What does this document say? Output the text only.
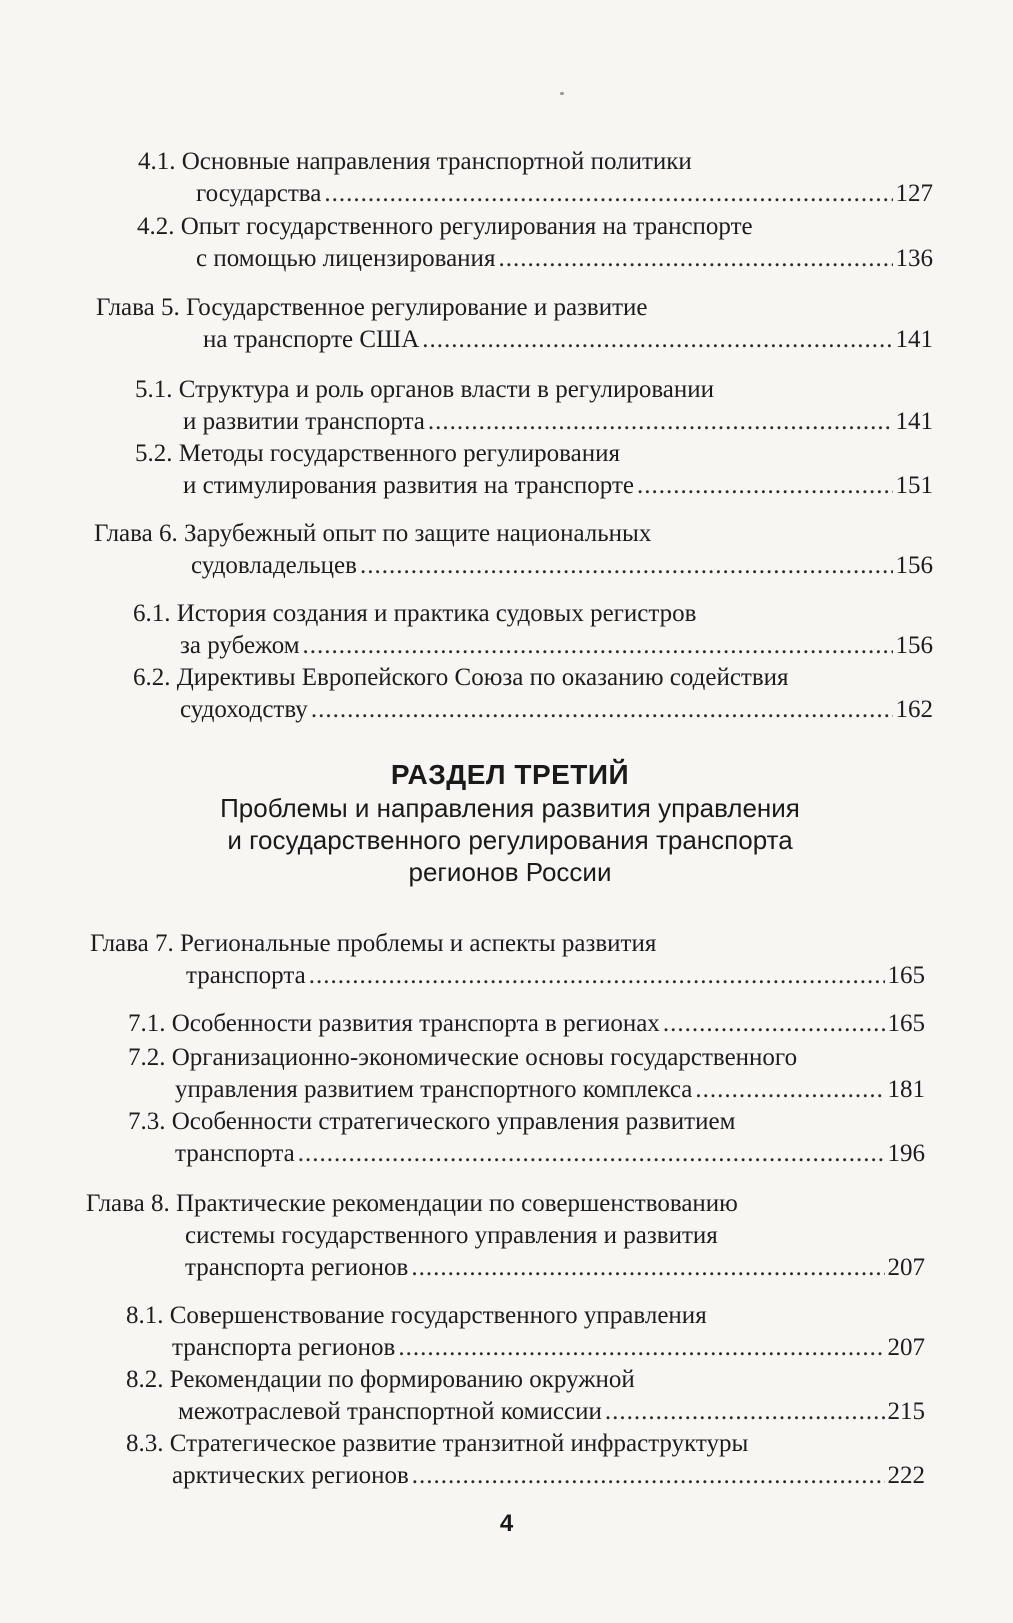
4.1. Основные направления транспортной политики
государства .....	127
4.2. Опыт государственного регулирования на транспорте
с помощью лицензирования .....	136
Глава 5. Государственное регулирование и развитие
на транспорте США .....	141
5.1. Структура и роль органов власти в регулировании
и развитии транспорта .....	141
5.2. Методы государственного регулирования
и стимулирования развития на транспорте .....	151
Глава 6. Зарубежный опыт по защите национальных
судовладельцев .....	156
6.1. История создания и практика судовых регистров
за рубежом .....	156
6.2. Директивы Европейского Союза по оказанию содействия
судоходству .....	162
РАЗДЕЛ ТРЕТИЙ
Проблемы и направления развития управления
и государственного регулирования транспорта
регионов России
Глава 7. Региональные проблемы и аспекты развития
транспорта .....	165
7.1.
Особенности развития транспорта в регионах .....	165
7.2. Организационно-экономические основы государственного
управления развитием транспортного комплекса .....	181
7.3. Особенности стратегического управления развитием
транспорта .....	196
Глава 8. Практические рекомендации по совершенствованию
системы государственного управления и развития
транспорта регионов .....	207
8.1. Совершенствование государственного управления
транспорта регионов .....	207
8.2. Рекомендации по формированию окружной
межотраслевой транспортной комиссии .....	215
8.3. Стратегическое развитие транзитной инфраструктуры
арктических регионов .....	222
4
